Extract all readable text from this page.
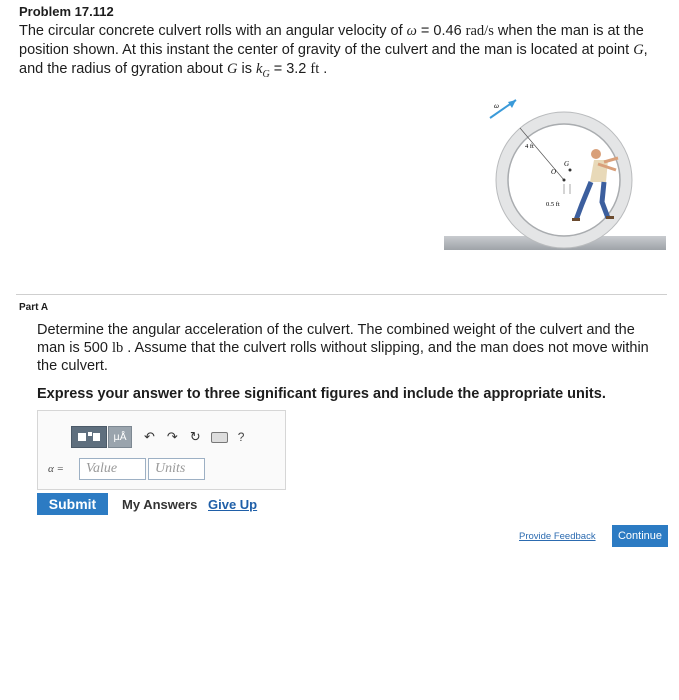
Problem 17.112
The circular concrete culvert rolls with an angular velocity of ω = 0.46 rad/s when the man is at the position shown. At this instant the center of gravity of the culvert and the man is located at point G, and the radius of gyration about G is $k_G = 3.2$ ft .
ω
4 ft
O
G
0.5 ft
Part A
Determine the angular acceleration of the culvert. The combined weight of the culvert and the man is 500 lb . Assume that the culvert rolls without slipping, and the man does not move within the culvert.
Express your answer to three significant figures and include the appropriate units.
μÅ	↶ ↷ ↻	?
α =	Value	Units
Submit	My Answers Give Up
Provide Feedback	Continue
